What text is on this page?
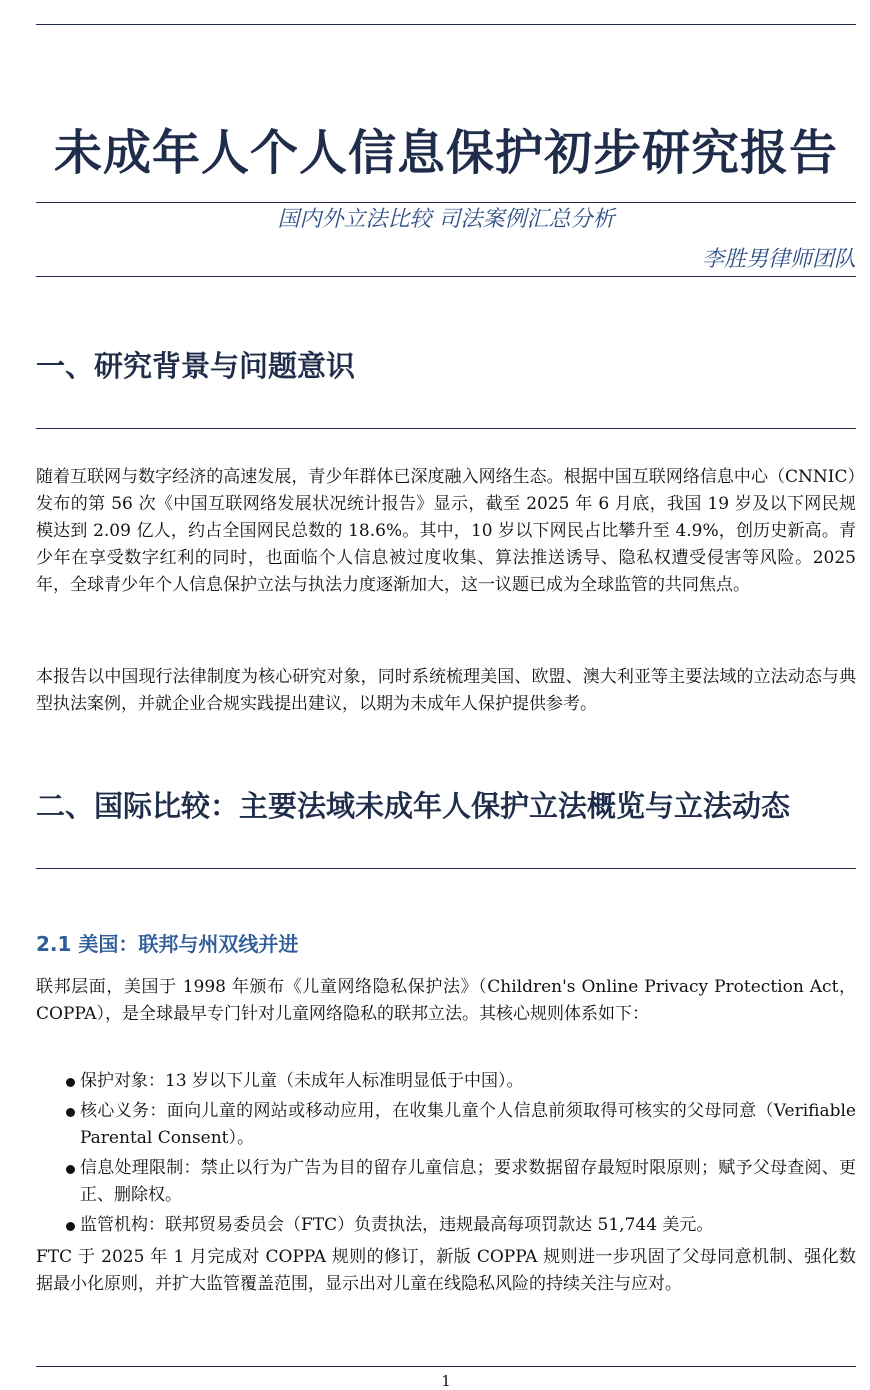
未成年人个人信息保护初步研究报告
国内外立法比较 司法案例汇总分析
李胜男律师团队
一、研究背景与问题意识
随着互联网与数字经济的高速发展，青少年群体已深度融入网络生态。根据中国互联网络信息中心（CNNIC）发布的第 56 次《中国互联网络发展状况统计报告》显示，截至 2025 年 6 月底，我国 19 岁及以下网民规模达到 2.09 亿人，约占全国网民总数的 18.6%。其中，10 岁以下网民占比攀升至 4.9%，创历史新高。青少年在享受数字红利的同时，也面临个人信息被过度收集、算法推送诱导、隐私权遭受侵害等风险。2025 年，全球青少年个人信息保护立法与执法力度逐渐加大，这一议题已成为全球监管的共同焦点。
本报告以中国现行法律制度为核心研究对象，同时系统梳理美国、欧盟、澳大利亚等主要法域的立法动态与典型执法案例，并就企业合规实践提出建议，以期为未成年人保护提供参考。
二、国际比较：主要法域未成年人保护立法概览与立法动态
2.1 美国：联邦与州双线并进
联邦层面，美国于 1998 年颁布《儿童网络隐私保护法》（Children's Online Privacy Protection Act，COPPA），是全球最早专门针对儿童网络隐私的联邦立法。其核心规则体系如下：
保护对象：13 岁以下儿童（未成年人标准明显低于中国）。
核心义务：面向儿童的网站或移动应用，在收集儿童个人信息前须取得可核实的父母同意（Verifiable Parental Consent）。
信息处理限制：禁止以行为广告为目的留存儿童信息；要求数据留存最短时限原则；赋予父母查阅、更正、删除权。
监管机构：联邦贸易委员会（FTC）负责执法，违规最高每项罚款达 51,744 美元。
FTC 于 2025 年 1 月完成对 COPPA 规则的修订，新版 COPPA 规则进一步巩固了父母同意机制、强化数据最小化原则，并扩大监管覆盖范围，显示出对儿童在线隐私风险的持续关注与应对。
1
